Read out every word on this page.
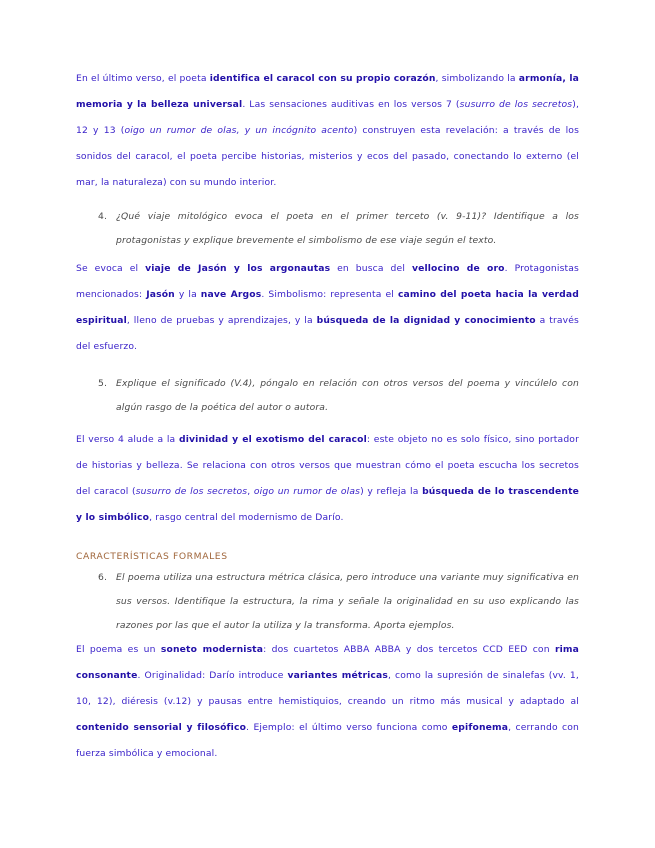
En el último verso, el poeta identifica el caracol con su propio corazón, simbolizando la armonía, la memoria y la belleza universal. Las sensaciones auditivas en los versos 7 (susurro de los secretos), 12 y 13 (oigo un rumor de olas, y un incógnito acento) construyen esta revelación: a través de los sonidos del caracol, el poeta percibe historias, misterios y ecos del pasado, conectando lo externo (el mar, la naturaleza) con su mundo interior.

4. ¿Qué viaje mitológico evoca el poeta en el primer terceto (v. 9-11)? Identifique a los protagonistas y explique brevemente el simbolismo de ese viaje según el texto.

Se evoca el viaje de Jasón y los argonautas en busca del vellocino de oro. Protagonistas mencionados: Jasón y la nave Argos. Simbolismo: representa el camino del poeta hacia la verdad espiritual, lleno de pruebas y aprendizajes, y la búsqueda de la dignidad y conocimiento a través del esfuerzo.

5. Explique el significado (V.4), póngalo en relación con otros versos del poema y vincúlelo con algún rasgo de la poética del autor o autora.

El verso 4 alude a la divinidad y el exotismo del caracol: este objeto no es solo físico, sino portador de historias y belleza. Se relaciona con otros versos que muestran cómo el poeta escucha los secretos del caracol (susurro de los secretos, oigo un rumor de olas) y refleja la búsqueda de lo trascendente y lo simbólico, rasgo central del modernismo de Darío.

CARACTERÍSTICAS FORMALES
6. El poema utiliza una estructura métrica clásica, pero introduce una variante muy significativa en sus versos. Identifique la estructura, la rima y señale la originalidad en su uso explicando las razones por las que el autor la utiliza y la transforma. Aporta ejemplos.

El poema es un soneto modernista: dos cuartetos ABBA ABBA y dos tercetos CCD EED con rima consonante. Originalidad: Darío introduce variantes métricas, como la supresión de sinalefas (vv. 1, 10, 12), diéresis (v.12) y pausas entre hemistiquios, creando un ritmo más musical y adaptado al contenido sensorial y filosófico. Ejemplo: el último verso funciona como epifonema, cerrando con fuerza simbólica y emocional.
